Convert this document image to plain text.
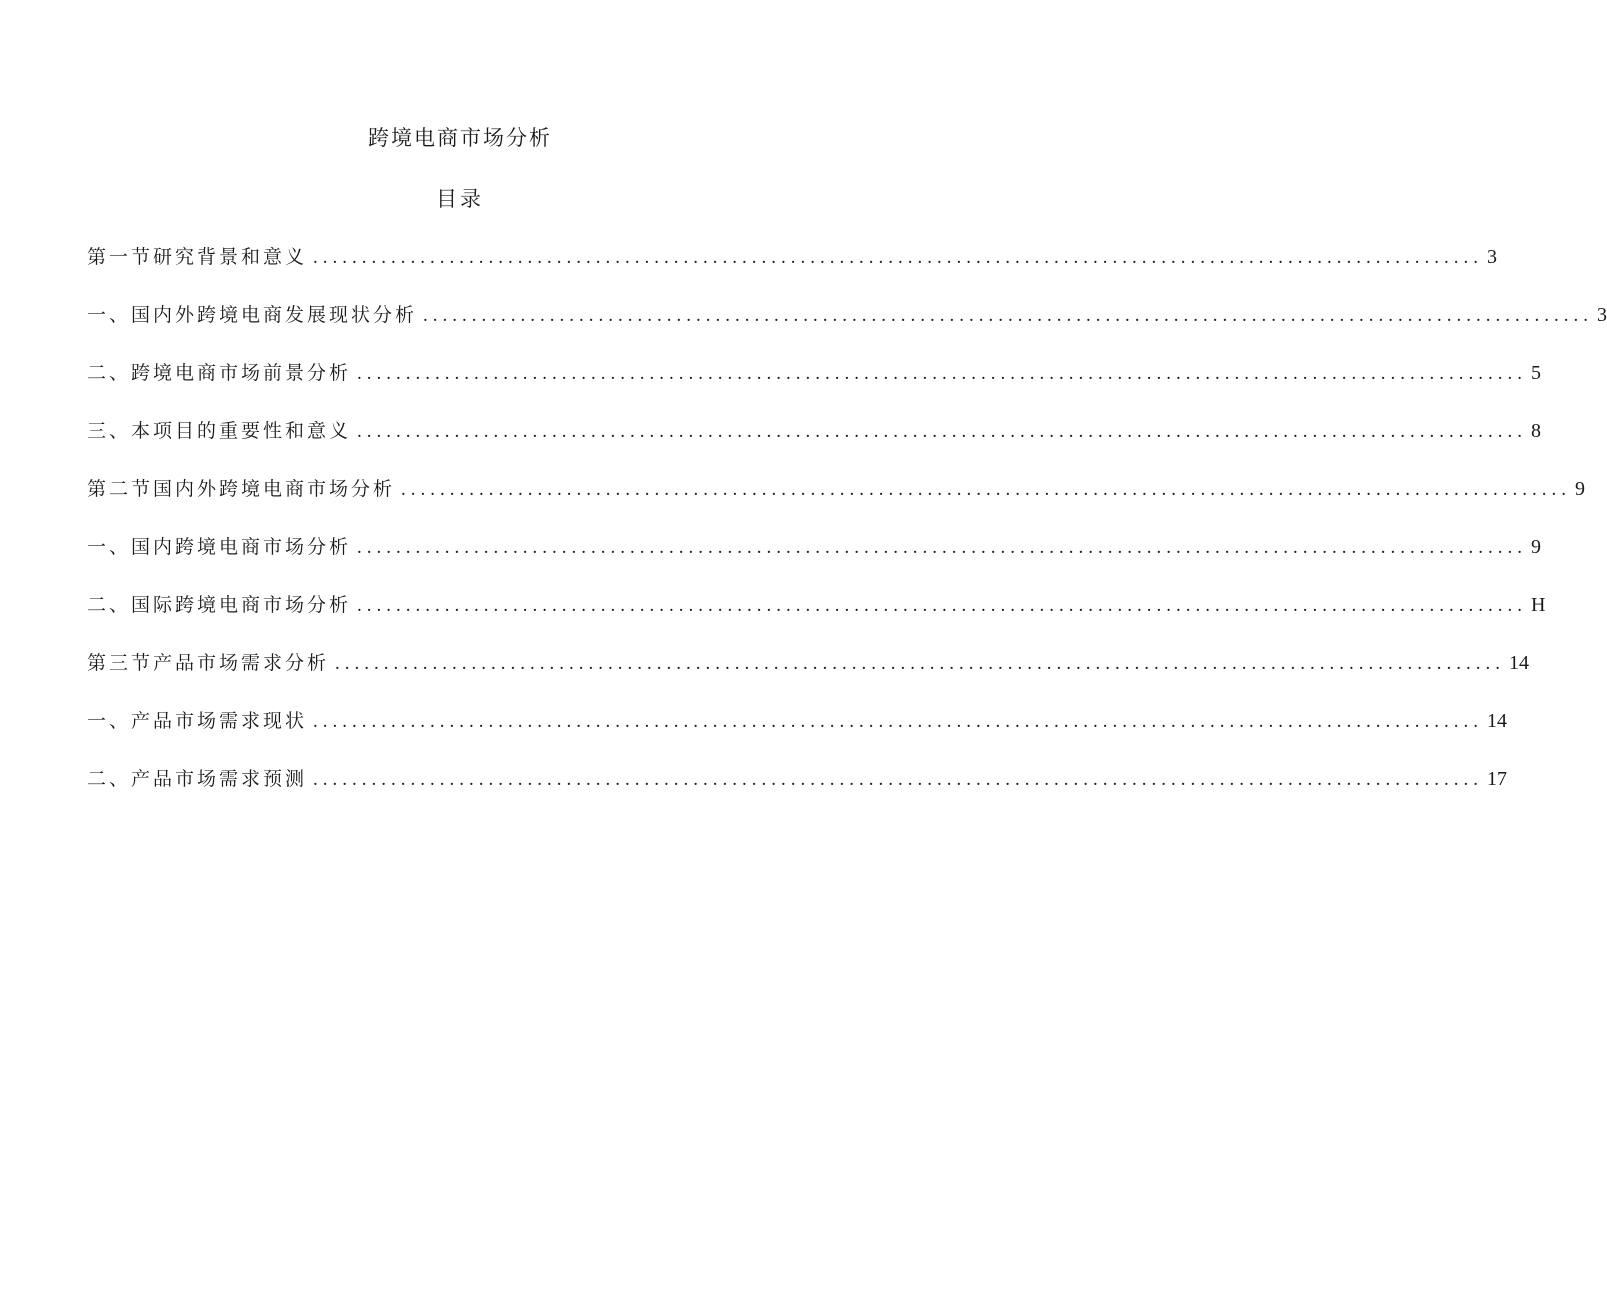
跨境电商市场分析
目录
第一节研究背景和意义 ........................................................................................................................ 3
一、国内外跨境电商发展现状分析 ........................................................................................................................ 3
二、跨境电商市场前景分析 ........................................................................................................................ 5
三、本项目的重要性和意义 ........................................................................................................................ 8
第二节国内外跨境电商市场分析 ........................................................................................................................ 9
一、国内跨境电商市场分析 ........................................................................................................................ 9
二、国际跨境电商市场分析 ........................................................................................................................ H
第三节产品市场需求分析 ........................................................................................................................ 14
一、产品市场需求现状 ........................................................................................................................ 14
二、产品市场需求预测 ........................................................................................................................ 17
